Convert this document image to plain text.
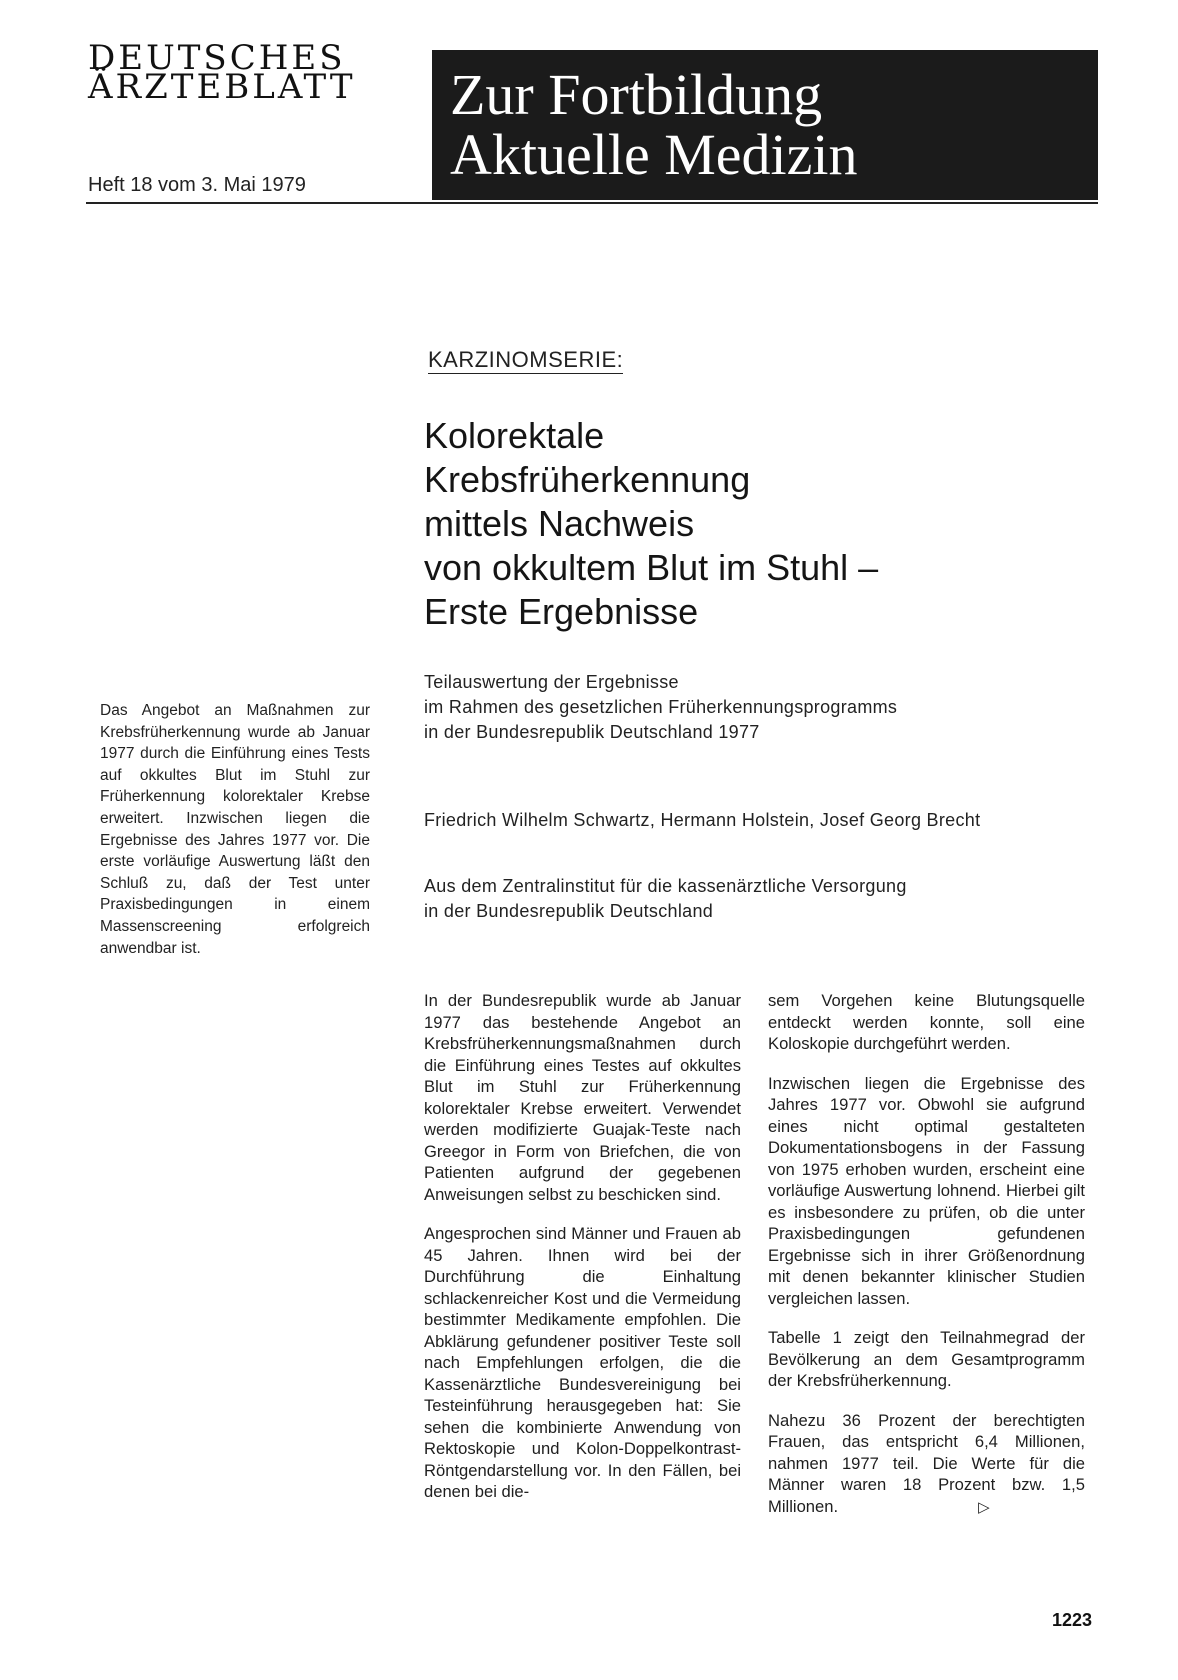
DEUTSCHES
ÄRZTEBLATT
Heft 18 vom 3. Mai 1979
Zur Fortbildung
Aktuelle Medizin
KARZINOMSERIE:
Kolorektale
Krebsfrüherkennung
mittels Nachweis
von okkultem Blut im Stuhl –
Erste Ergebnisse
Teilauswertung der Ergebnisse
im Rahmen des gesetzlichen Früherkennungsprogramms
in der Bundesrepublik Deutschland 1977
Das Angebot an Maßnahmen zur Krebsfrüherkennung wurde ab Januar 1977 durch die Einführung eines Tests auf okkultes Blut im Stuhl zur Früherkennung kolorektaler Krebse erweitert. Inzwischen liegen die Ergebnisse des Jahres 1977 vor. Die erste vorläufige Auswertung läßt den Schluß zu, daß der Test unter Praxisbedingungen in einem Massenscreening erfolgreich anwendbar ist.
Friedrich Wilhelm Schwartz, Hermann Holstein, Josef Georg Brecht
Aus dem Zentralinstitut für die kassenärztliche Versorgung
in der Bundesrepublik Deutschland

In der Bundesrepublik wurde ab Januar 1977 das bestehende Angebot an Krebsfrüherkennungsmaßnahmen durch die Einführung eines Testes auf okkultes Blut im Stuhl zur Früherkennung kolorektaler Krebse erweitert. Verwendet werden modifizierte Guajak-Teste nach Greegor in Form von Briefchen, die von Patienten aufgrund der gegebenen Anweisungen selbst zu beschicken sind.

Angesprochen sind Männer und Frauen ab 45 Jahren. Ihnen wird bei der Durchführung die Einhaltung schlackenreicher Kost und die Vermeidung bestimmter Medikamente empfohlen. Die Abklärung gefundener positiver Teste soll nach Empfehlungen erfolgen, die die Kassenärztliche Bundesvereinigung bei Testeinführung herausgegeben hat: Sie sehen die kombinierte Anwendung von Rektoskopie und Kolon-Doppelkontrast-Röntgendarstellung vor. In den Fällen, bei denen bei die-

sem Vorgehen keine Blutungsquelle entdeckt werden konnte, soll eine Koloskopie durchgeführt werden.

Inzwischen liegen die Ergebnisse des Jahres 1977 vor. Obwohl sie aufgrund eines nicht optimal gestalteten Dokumentationsbogens in der Fassung von 1975 erhoben wurden, erscheint eine vorläufige Auswertung lohnend. Hierbei gilt es insbesondere zu prüfen, ob die unter Praxisbedingungen gefundenen Ergebnisse sich in ihrer Größenordnung mit denen bekannter klinischer Studien vergleichen lassen.

Tabelle 1 zeigt den Teilnahmegrad der Bevölkerung an dem Gesamtprogramm der Krebsfrüherkennung.

Nahezu 36 Prozent der berechtigten Frauen, das entspricht 6,4 Millionen, nahmen 1977 teil. Die Werte für die Männer waren 18 Prozent bzw. 1,5 Millionen.	▷

1223
